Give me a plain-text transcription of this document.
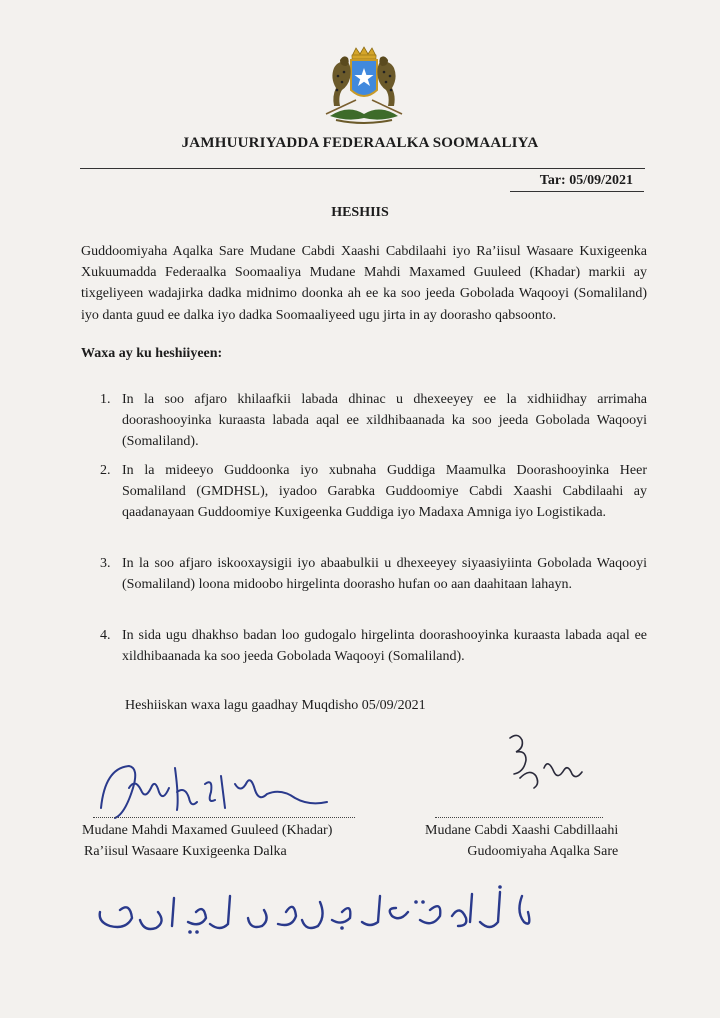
JAMHUURIYADDA FEDERAALKA SOOMAALIYA
Tar: 05/09/2021
HESHIIS
Guddoomiyaha Aqalka Sare Mudane Cabdi Xaashi Cabdilaahi iyo Ra’iisul Wasaare Kuxigeenka Xukuumadda Federaalka Soomaaliya Mudane Mahdi Maxamed Guuleed (Khadar) markii ay tixgeliyeen wadajirka dadka midnimo doonka ah ee ka soo jeeda Gobolada Waqooyi (Somaliland) iyo danta guud ee dalka iyo dadka Soomaaliyeed ugu jirta in ay doorasho qabsoonto.
Waxa ay ku heshiiyeen:
1. In la soo afjaro khilaafkii labada dhinac u dhexeeyey ee la xidhiidhay arrimaha doorashooyinka kuraasta labada aqal ee xildhibaanada ka soo jeeda Gobolada Waqooyi (Somaliland).
2. In la mideeyo Guddoonka iyo xubnaha Guddiga Maamulka Doorashooyinka Heer Somaliland (GMDHSL), iyadoo Garabka Guddoomiye Cabdi Xaashi Cabdilaahi ay qaadanayaan Guddoomiye Kuxigeenka Guddiga iyo Madaxa Amniga iyo Logistikada.
3. In la soo afjaro iskooxaysigii iyo abaabulkii u dhexeeyey siyaasiyiinta Gobolada Waqooyi (Somaliland) loona midoobo hirgelinta doorasho hufan oo aan daahitaan lahayn.
4. In sida ugu dhakhso badan loo gudogalo hirgelinta doorashooyinka kuraasta labada aqal ee xildhibaanada ka soo jeeda Gobolada Waqooyi (Somaliland).
Heshiiskan waxa lagu gaadhay Muqdisho 05/09/2021
Mudane Mahdi Maxamed Guuleed (Khadar)

Ra’iisul Wasaare Kuxigeenka Dalka
Mudane Cabdi Xaashi Cabdillaahi
Gudoomiyaha Aqalka Sare
